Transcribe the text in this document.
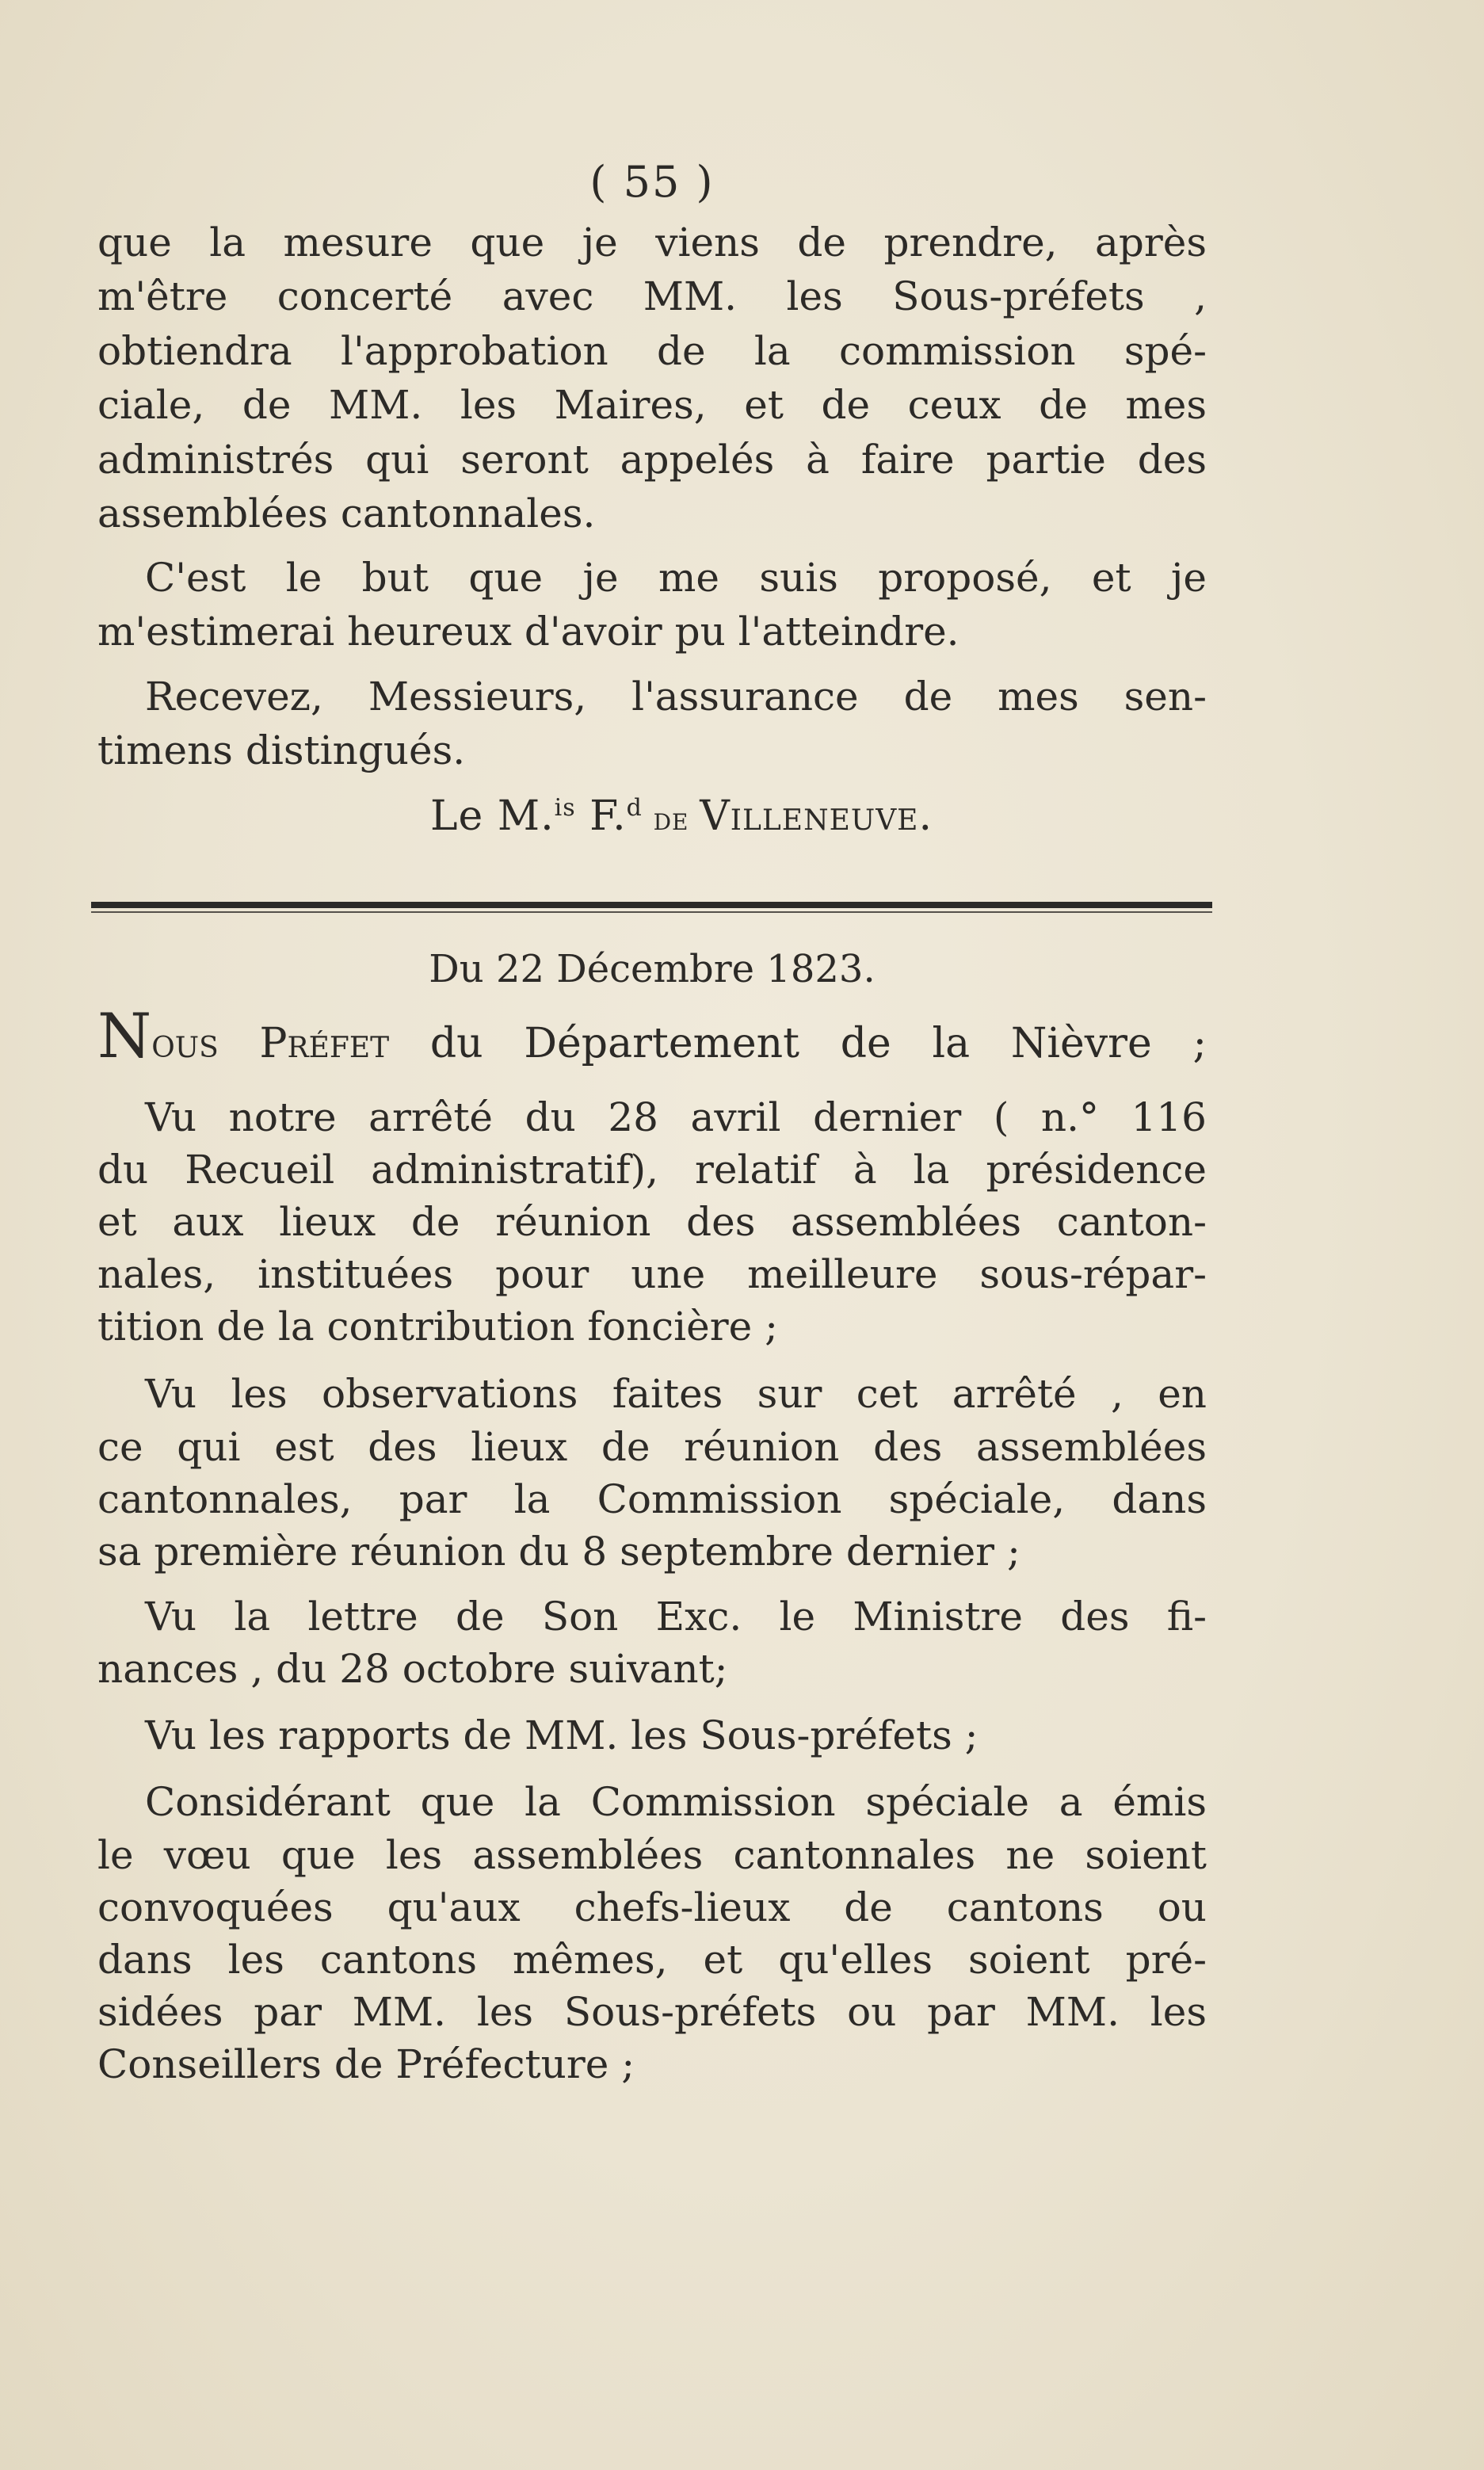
( 55 )
que la mesure que je viens de prendre, après
m'être concerté avec MM. les Sous-préfets ,
obtiendra l'approbation de la commission spé-
ciale, de MM. les Maires, et de ceux de mes
administrés qui seront appelés à faire partie des
assemblées cantonnales.
C'est le but que je me suis proposé, et je
m'estimerai heureux d'avoir pu l'atteindre.
Recevez, Messieurs, l'assurance de mes sen-
timens distingués.
Le M.$^{is}$ F.$^d$ de Villeneuve.
Du 22 Décembre 1823.
Nous Préfet du Département de la Nièvre ;
Vu notre arrêté du 28 avril dernier ( n.° 116
du Recueil administratif), relatif à la présidence
et aux lieux de réunion des assemblées canton-
nales, instituées pour une meilleure sous-répar-
tition de la contribution foncière ;
Vu les observations faites sur cet arrêté , en
ce qui est des lieux de réunion des assemblées
cantonnales, par la Commission spéciale, dans
sa première réunion du 8 septembre dernier ;
Vu la lettre de Son Exc. le Ministre des fi-
nances , du 28 octobre suivant;
Vu les rapports de MM. les Sous-préfets ;
Considérant que la Commission spéciale a émis
le vœu que les assemblées cantonnales ne soient
convoquées qu'aux chefs-lieux de cantons ou
dans les cantons mêmes, et qu'elles soient pré-
sidées par MM. les Sous-préfets ou par MM. les
Conseillers de Préfecture ;
